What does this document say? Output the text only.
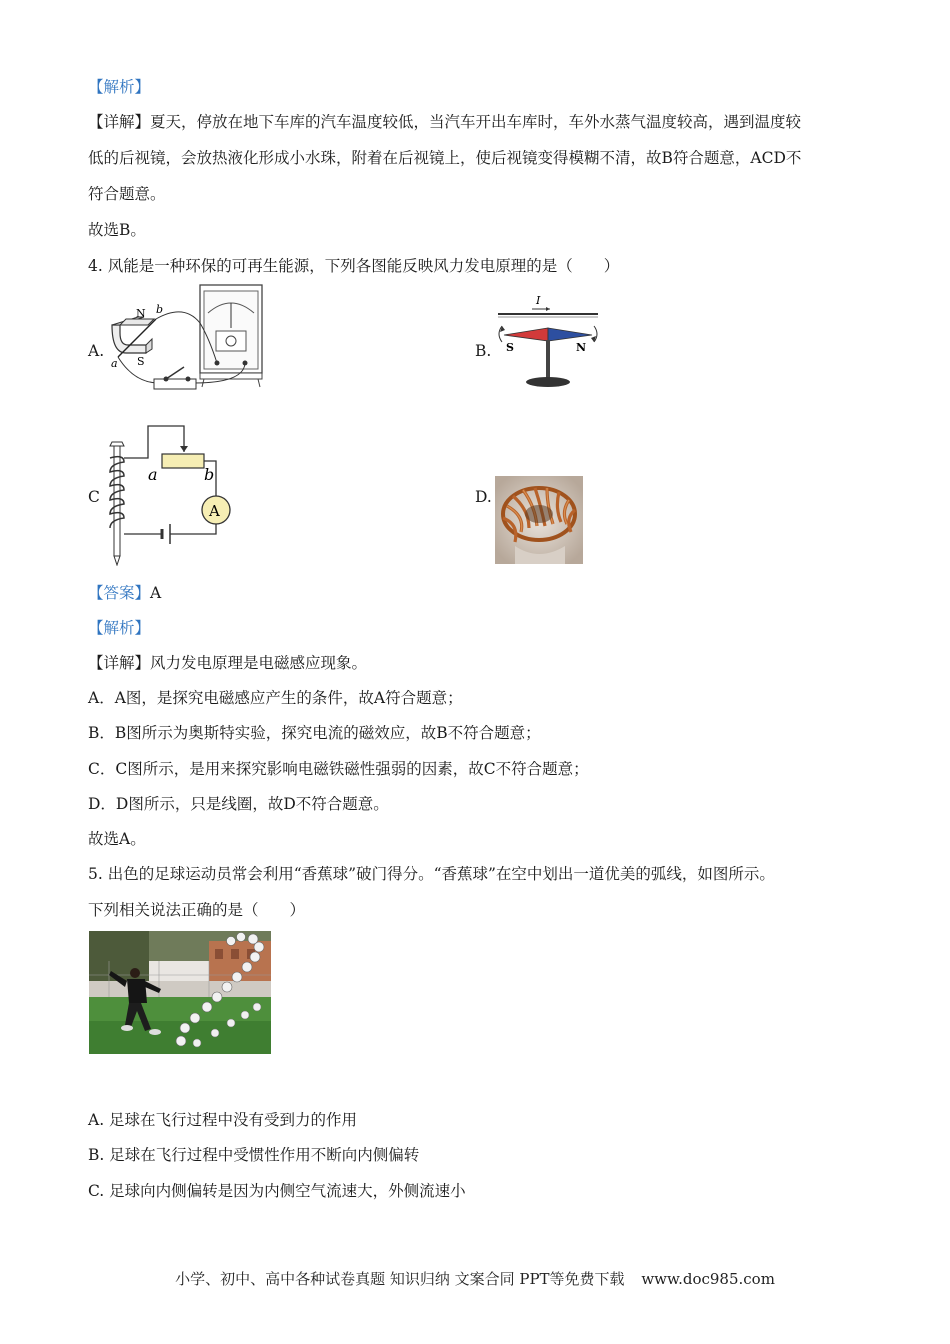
【解析】
【详解】夏天，停放在地下车库的汽车温度较低，当汽车开出车库时，车外水蒸气温度较高，遇到温度较
低的后视镜，会放热液化形成小水珠，附着在后视镜上，使后视镜变得模糊不清，故B符合题意，ACD不
符合题意。
故选B。
4. 风能是一种环保的可再生能源，下列各图能反映风力发电原理的是（　　）
A.
N
S
b
a
B.
I
S	N
C
a	b
A
D.
【答案】A
【解析】
【详解】风力发电原理是电磁感应现象。
A．A图，是探究电磁感应产生的条件，故A符合题意；
B．B图所示为奥斯特实验，探究电流的磁效应，故B不符合题意；
C．C图所示，是用来探究影响电磁铁磁性强弱的因素，故C不符合题意；
D．D图所示，只是线圈，故D不符合题意。
故选A。
5. 出色的足球运动员常会利用“香蕉球”破门得分。“香蕉球”在空中划出一道优美的弧线，如图所示。
下列相关说法正确的是（　　）
A. 足球在飞行过程中没有受到力的作用
B. 足球在飞行过程中受惯性作用不断向内侧偏转
C. 足球向内侧偏转是因为内侧空气流速大，外侧流速小
小学、初中、高中各种试卷真题 知识归纳 文案合同 PPT等免费下载 www.doc985.com
